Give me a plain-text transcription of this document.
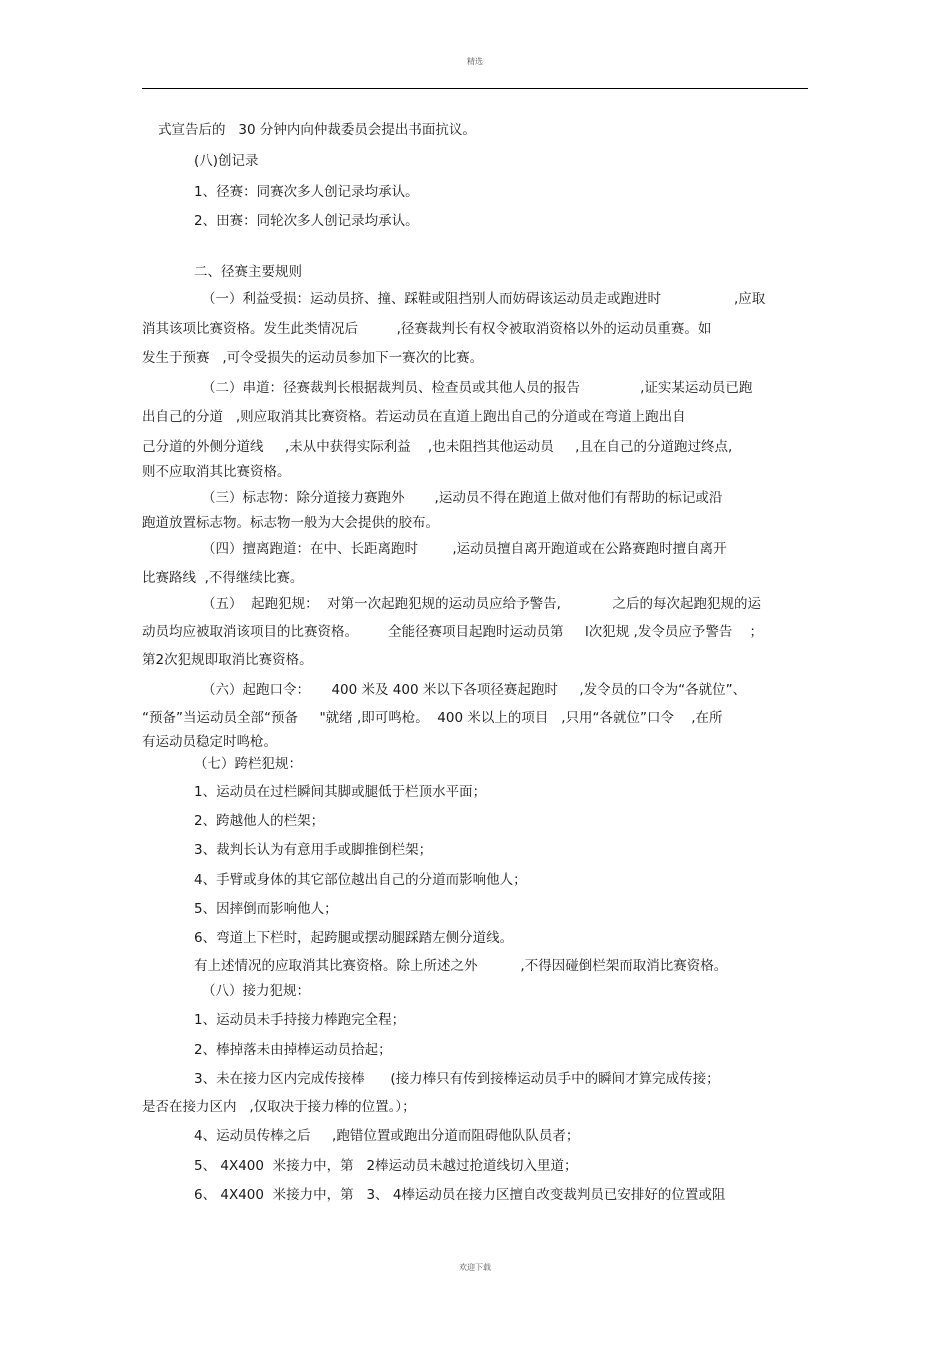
精选
式宣告后的   30 分钟内向仲裁委员会提出书面抗议。
(八)创记录
1、径赛：同赛次多人创记录均承认。
2、田赛：同轮次多人创记录均承认。
二、径赛主要规则
（一）利益受损：运动员挤、撞、踩鞋或阻挡别人而妨碍该运动员走或跑进时                 ,应取
消其该项比赛资格。发生此类情况后         ,径赛裁判长有权令被取消资格以外的运动员重赛。如
发生于预赛   ,可令受损失的运动员参加下一赛次的比赛。
（二）串道：径赛裁判长根据裁判员、检查员或其他人员的报告              ,证实某运动员已跑
出自己的分道   ,则应取消其比赛资格。若运动员在直道上跑出自己的分道或在弯道上跑出自
己分道的外侧分道线     ,未从中获得实际利益    ,也未阻挡其他运动员     ,且在自己的分道跑过终点,
则不应取消其比赛资格。
（三）标志物：除分道接力赛跑外       ,运动员不得在跑道上做对他们有帮助的标记或沿
跑道放置标志物。标志物一般为大会提供的胶布。
（四）擅离跑道：在中、长距离跑时        ,运动员擅自离开跑道或在公路赛跑时擅自离开
比赛路线  ,不得继续比赛。
（五）  起跑犯规：  对第一次起跑犯规的运动员应给予警告,            之后的每次起跑犯规的运
动员均应被取消该项目的比赛资格。       全能径赛项目起跑时运动员第     l次犯规 ,发令员应予警告    ；
第2次犯规即取消比赛资格。
（六）起跑口令：     400 米及 400 米以下各项径赛起跑时     ,发令员的口令为“各就位”、
“预备”当运动员全部“预备     "就绪 ,即可鸣枪。  400 米以上的项目   ,只用“各就位”口令    ,在所
有运动员稳定时鸣枪。
（七）跨栏犯规：
1、运动员在过栏瞬间其脚或腿低于栏顶水平面；
2、跨越他人的栏架；
3、裁判长认为有意用手或脚推倒栏架；
4、手臂或身体的其它部位越出自己的分道而影响他人；
5、因摔倒而影响他人；
6、弯道上下栏时，起跨腿或摆动腿踩踏左侧分道线。
有上述情况的应取消其比赛资格。除上所述之外          ,不得因碰倒栏架而取消比赛资格。
（八）接力犯规：
1、运动员未手持接力棒跑完全程；
2、棒掉落未由掉棒运动员拾起；
3、未在接力区内完成传接棒      (接力棒只有传到接棒运动员手中的瞬间才算完成传接；
是否在接力区内   ,仅取决于接力棒的位置。）；
4、运动员传棒之后     ,跑错位置或跑出分道而阻碍他队队员者；
5、 4X400  米接力中，第   2棒运动员未越过抢道线切入里道；
6、 4X400  米接力中，第   3、 4棒运动员在接力区擅自改变裁判员已安排好的位置或阻
欢迎下载
